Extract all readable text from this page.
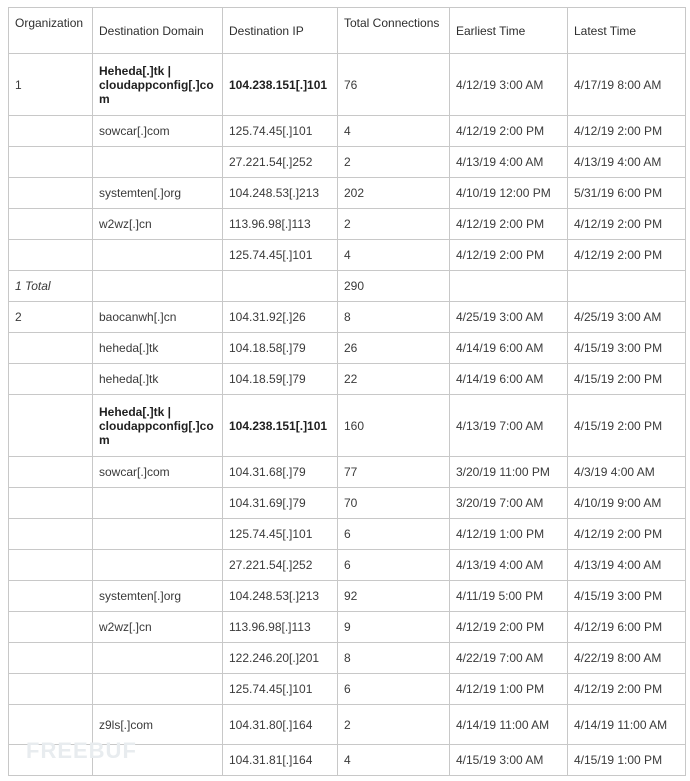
Organization	Destination Domain	Destination IP	Total Connections	Earliest Time	Latest Time
1	Heheda[.]tk | cloudappconfig[.]com	104.238.151[.]101	76	4/12/19 3:00 AM	4/17/19 8:00 AM
	sowcar[.]com	125.74.45[.]101	4	4/12/19 2:00 PM	4/12/19 2:00 PM
		27.221.54[.]252	2	4/13/19 4:00 AM	4/13/19 4:00 AM
	systemten[.]org	104.248.53[.]213	202	4/10/19 12:00 PM	5/31/19 6:00 PM
	w2wz[.]cn	113.96.98[.]113	2	4/12/19 2:00 PM	4/12/19 2:00 PM
		125.74.45[.]101	4	4/12/19 2:00 PM	4/12/19 2:00 PM
1 Total			290		
2	baocanwh[.]cn	104.31.92[.]26	8	4/25/19 3:00 AM	4/25/19 3:00 AM
	heheda[.]tk	104.18.58[.]79	26	4/14/19 6:00 AM	4/15/19 3:00 PM
	heheda[.]tk	104.18.59[.]79	22	4/14/19 6:00 AM	4/15/19 2:00 PM
	Heheda[.]tk | cloudappconfig[.]com	104.238.151[.]101	160	4/13/19 7:00 AM	4/15/19 2:00 PM
	sowcar[.]com	104.31.68[.]79	77	3/20/19 11:00 PM	4/3/19 4:00 AM
		104.31.69[.]79	70	3/20/19 7:00 AM	4/10/19 9:00 AM
		125.74.45[.]101	6	4/12/19 1:00 PM	4/12/19 2:00 PM
		27.221.54[.]252	6	4/13/19 4:00 AM	4/13/19 4:00 AM
	systemten[.]org	104.248.53[.]213	92	4/11/19 5:00 PM	4/15/19 3:00 PM
	w2wz[.]cn	113.96.98[.]113	9	4/12/19 2:00 PM	4/12/19 6:00 PM
		122.246.20[.]201	8	4/22/19 7:00 AM	4/22/19 8:00 AM
		125.74.45[.]101	6	4/12/19 1:00 PM	4/12/19 2:00 PM
	z9ls[.]com	104.31.80[.]164	2	4/14/19 11:00 AM	4/14/19 11:00 AM
		104.31.81[.]164	4	4/15/19 3:00 AM	4/15/19 1:00 PM
FREEBUF
